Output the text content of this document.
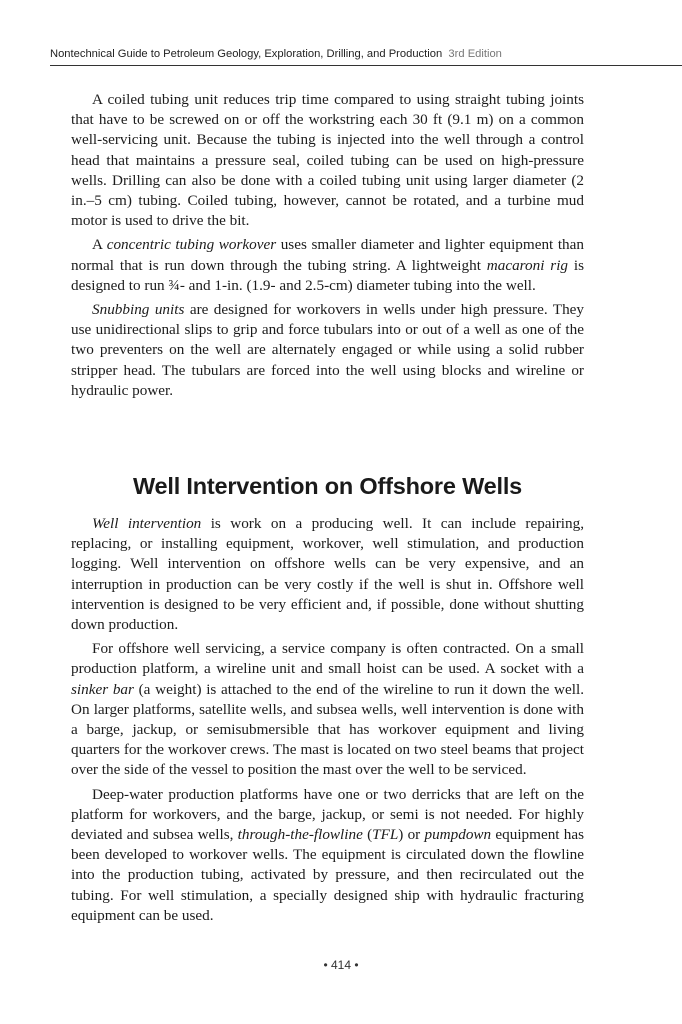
Nontechnical Guide to Petroleum Geology, Exploration, Drilling, and Production 3rd Edition

A coiled tubing unit reduces trip time compared to using straight tubing joints that have to be screwed on or off the workstring each 30 ft (9.1 m) on a common well-servicing unit. Because the tubing is injected into the well through a control head that maintains a pressure seal, coiled tubing can be used on high-pressure wells. Drilling can also be done with a coiled tubing unit using larger diameter (2 in.–5 cm) tubing. Coiled tubing, however, cannot be rotated, and a turbine mud motor is used to drive the bit.

A concentric tubing workover uses smaller diameter and lighter equipment than normal that is run down through the tubing string. A lightweight macaroni rig is designed to run ¾- and 1-in. (1.9- and 2.5-cm) diameter tubing into the well.

Snubbing units are designed for workovers in wells under high pressure. They use unidirectional slips to grip and force tubulars into or out of a well as one of the two preventers on the well are alternately engaged or while using a solid rubber stripper head. The tubulars are forced into the well using blocks and wireline or hydraulic power.

Well Intervention on Offshore Wells

Well intervention is work on a producing well. It can include repairing, replacing, or installing equipment, workover, well stimulation, and production logging. Well intervention on offshore wells can be very expensive, and an interruption in production can be very costly if the well is shut in. Offshore well intervention is designed to be very efficient and, if possible, done without shutting down production.

For offshore well servicing, a service company is often contracted. On a small production platform, a wireline unit and small hoist can be used. A socket with a sinker bar (a weight) is attached to the end of the wireline to run it down the well. On larger platforms, satellite wells, and subsea wells, well intervention is done with a barge, jackup, or semisubmersible that has workover equipment and living quarters for the workover crews. The mast is located on two steel beams that project over the side of the vessel to position the mast over the well to be serviced.

Deep-water production platforms have one or two derricks that are left on the platform for workovers, and the barge, jackup, or semi is not needed. For highly deviated and subsea wells, through-the-flowline (TFL) or pumpdown equipment has been developed to workover wells. The equipment is circulated down the flowline into the production tubing, activated by pressure, and then recirculated out the tubing. For well stimulation, a specially designed ship with hydraulic fracturing equipment can be used.

• 414 •
